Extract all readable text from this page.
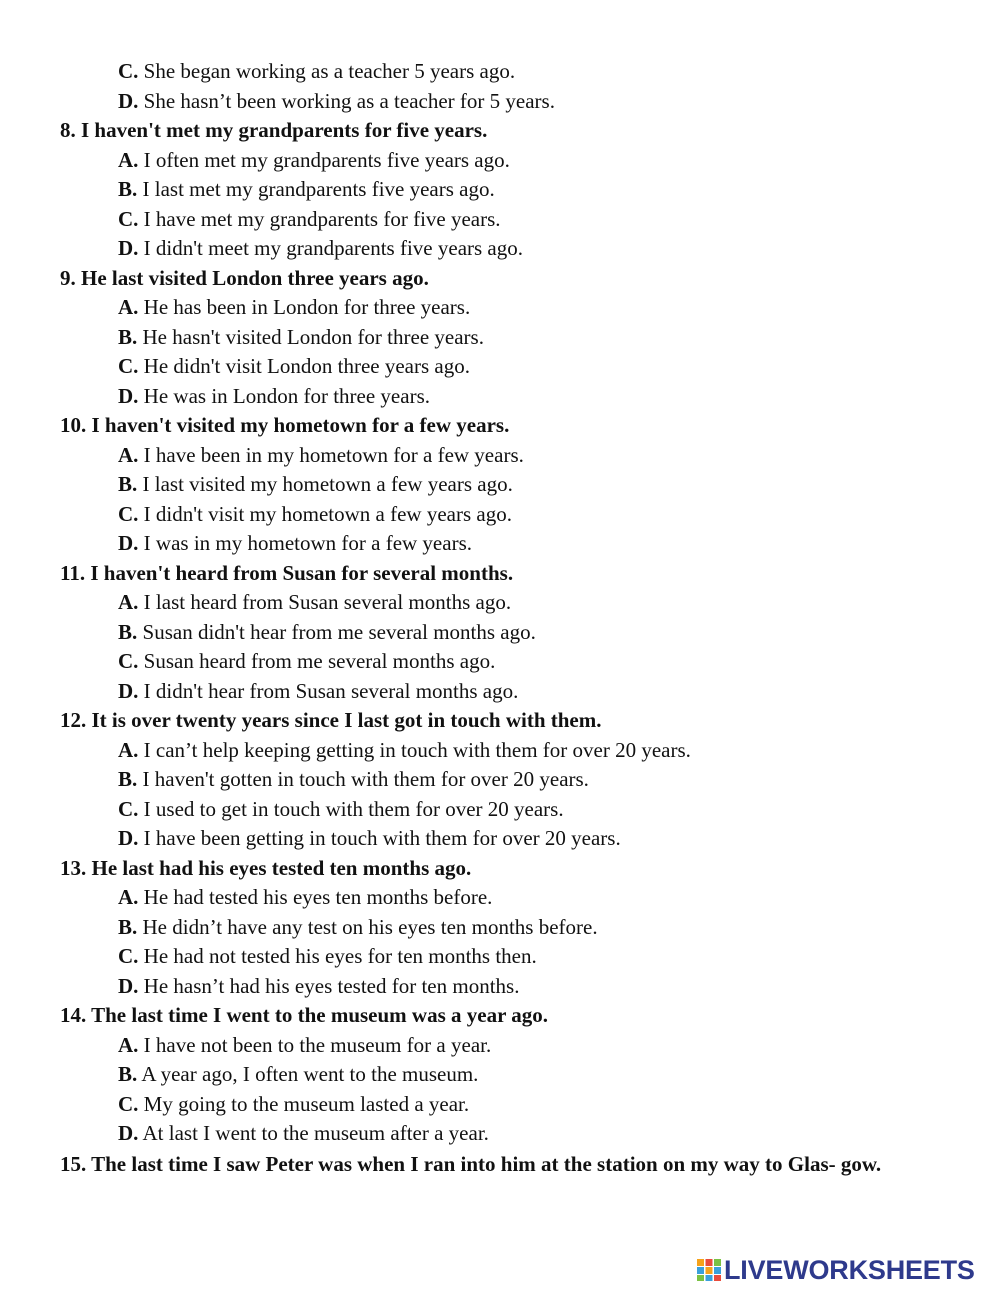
C. She began working as a teacher 5 years ago.
D. She hasn’t been working as a teacher for 5 years.
8. I haven't met my grandparents for five years.
A. I often met my grandparents five years ago.
B. I last met my grandparents five years ago.
C. I have met my grandparents for five years.
D. I didn't meet my grandparents five years ago.
9. He last visited London three years ago.
A. He has been in London for three years.
B. He hasn't visited London for three years.
C. He didn't visit London three years ago.
D. He was in London for three years.
10. I haven't visited my hometown for a few years.
A. I have been in my hometown for a few years.
B. I last visited my hometown a few years ago.
C. I didn't visit my hometown a few years ago.
D. I was in my hometown for a few years.
11. I haven't heard from Susan for several months.
A. I last heard from Susan several months ago.
B. Susan didn't hear from me several months ago.
C. Susan heard from me several months ago.
D. I didn't hear from Susan several months ago.
12. It is over twenty years since I last got in touch with them.
A. I can’t help keeping getting in touch with them for over 20 years.
B. I haven't gotten in touch with them for over 20 years.
C. I used to get in touch with them for over 20 years.
D. I have been getting in touch with them for over 20 years.
13. He last had his eyes tested ten months ago.
A. He had tested his eyes ten months before.
B. He didn’t have any test on his eyes ten months before.
C. He had not tested his eyes for ten months then.
D. He hasn’t had his eyes tested for ten months.
14. The last time I went to the museum was a year ago.
A. I have not been to the museum for a year.
B. A year ago, I often went to the museum.
C. My going to the museum lasted a year.
D. At last I went to the museum after a year.
15. The last time I saw Peter was when I ran into him at the station on my way to Glas- gow.
LIVEWORKSHEETS
